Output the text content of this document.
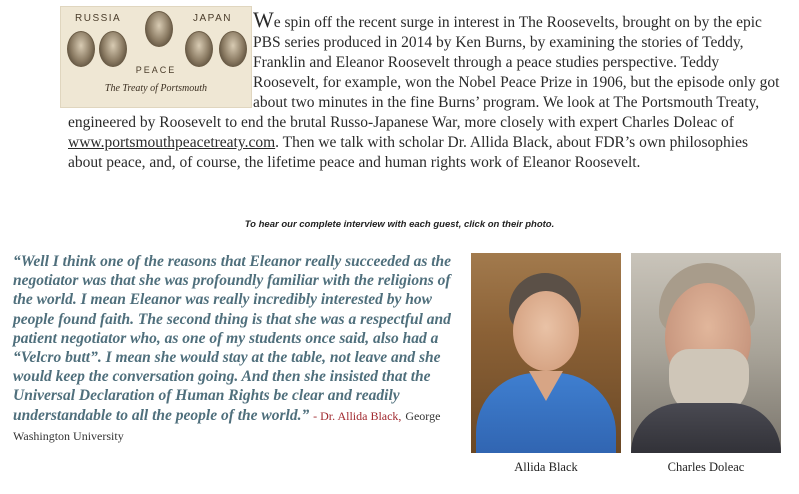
RUSSIA	JAPAN
PEACE
The Treaty of Portsmouth
We spin off the recent surge in interest in The Roosevelts, brought on by the epic PBS series produced in 2014 by Ken Burns, by examining the stories of Teddy, Franklin and Eleanor Roosevelt through a peace studies perspective. Teddy Roosevelt, for example, won the Nobel Peace Prize in 1906, but the episode only got about two minutes in the fine Burns’ program. We look at The Portsmouth Treaty, engineered by Roosevelt to end the brutal Russo-Japanese War, more closely with expert Charles Doleac of www.portsmouthpeacetreaty.com. Then we talk with scholar Dr. Allida Black, about FDR’s own philosophies about peace, and, of course, the lifetime peace and human rights work of Eleanor Roosevelt.
To hear our complete interview with each guest, click on their photo.
“Well I think one of the reasons that Eleanor really succeeded as the negotiator was that she was profoundly familiar with the religions of the world. I mean Eleanor was really incredibly interested by how people found faith. The second thing is that she was a respectful and patient negotiator who, as one of my students once said, also had a “Velcro butt”. I mean she would stay at the table, not leave and she would keep the conversation going. And then she insisted that the Universal Declaration of Human Rights be clear and readily understandable to all the people of the world.” - Dr. Allida Black, George Washington University
Allida Black	Charles Doleac
